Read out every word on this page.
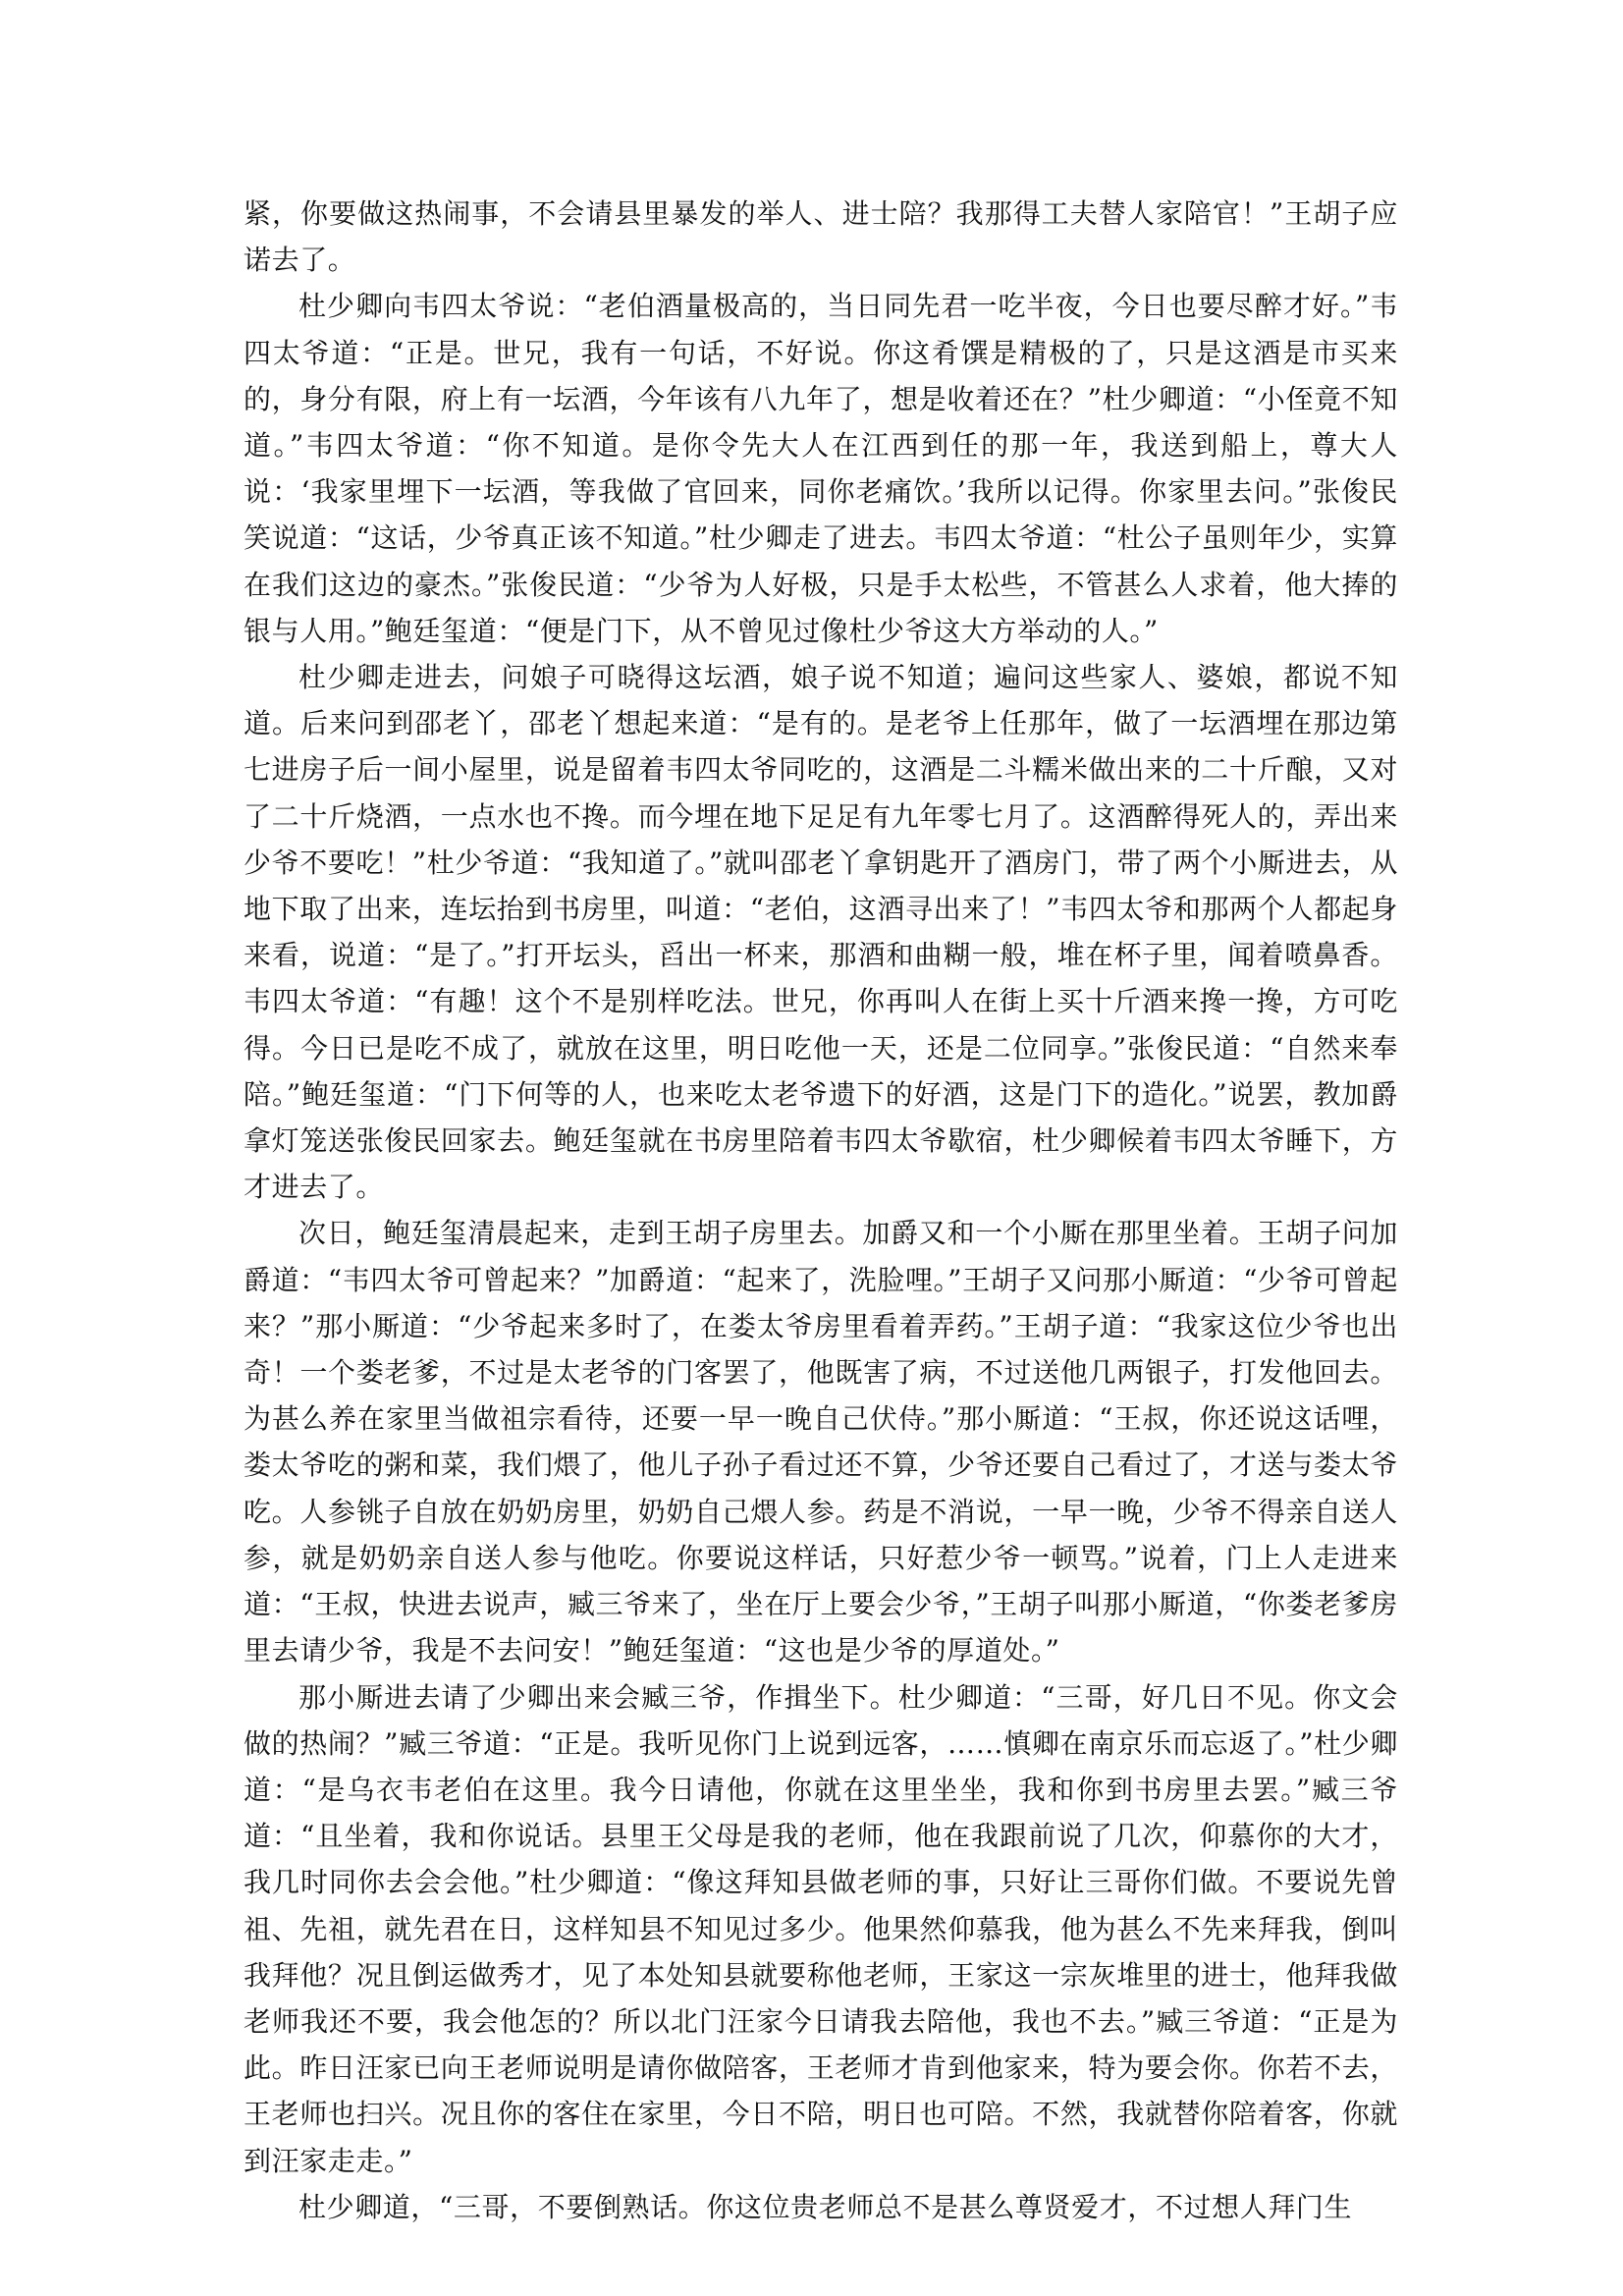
紧，你要做这热闹事，不会请县里暴发的举人、进士陪？我那得工夫替人家陪官！”王胡子应诺去了。

杜少卿向韦四太爷说：“老伯酒量极高的，当日同先君一吃半夜，今日也要尽醉才好。”韦四太爷道：“正是。世兄，我有一句话，不好说。你这肴馔是精极的了，只是这酒是市买来的，身分有限，府上有一坛酒，今年该有八九年了，想是收着还在？”杜少卿道：“小侄竟不知道。”韦四太爷道：“你不知道。是你令先大人在江西到任的那一年，我送到船上，尊大人说：‘我家里埋下一坛酒，等我做了官回来，同你老痛饮。’我所以记得。你家里去问。”张俊民笑说道：“这话，少爷真正该不知道。”杜少卿走了进去。韦四太爷道：“杜公子虽则年少，实算在我们这边的豪杰。”张俊民道：“少爷为人好极，只是手太松些，不管甚么人求着，他大捧的银与人用。”鲍廷玺道：“便是门下，从不曾见过像杜少爷这大方举动的人。”

杜少卿走进去，问娘子可晓得这坛酒，娘子说不知道；遍问这些家人、婆娘，都说不知道。后来问到邵老丫，邵老丫想起来道：“是有的。是老爷上任那年，做了一坛酒埋在那边第七进房子后一间小屋里，说是留着韦四太爷同吃的，这酒是二斗糯米做出来的二十斤酿，又对了二十斤烧酒，一点水也不搀。而今埋在地下足足有九年零七月了。这酒醉得死人的，弄出来少爷不要吃！”杜少爷道：“我知道了。”就叫邵老丫拿钥匙开了酒房门，带了两个小厮进去，从地下取了出来，连坛抬到书房里，叫道：“老伯，这酒寻出来了！”韦四太爷和那两个人都起身来看，说道：“是了。”打开坛头，舀出一杯来，那酒和曲糊一般，堆在杯子里，闻着喷鼻香。韦四太爷道：“有趣！这个不是别样吃法。世兄，你再叫人在街上买十斤酒来搀一搀，方可吃得。今日已是吃不成了，就放在这里，明日吃他一天，还是二位同享。”张俊民道：“自然来奉陪。”鲍廷玺道：“门下何等的人，也来吃太老爷遗下的好酒，这是门下的造化。”说罢，教加爵拿灯笼送张俊民回家去。鲍廷玺就在书房里陪着韦四太爷歇宿，杜少卿候着韦四太爷睡下，方才进去了。

次日，鲍廷玺清晨起来，走到王胡子房里去。加爵又和一个小厮在那里坐着。王胡子问加爵道：“韦四太爷可曾起来？”加爵道：“起来了，洗脸哩。”王胡子又问那小厮道：“少爷可曾起来？”那小厮道：“少爷起来多时了，在娄太爷房里看着弄药。”王胡子道：“我家这位少爷也出奇！一个娄老爹，不过是太老爷的门客罢了，他既害了病，不过送他几两银子，打发他回去。为甚么养在家里当做祖宗看待，还要一早一晚自己伏侍。”那小厮道：“王叔，你还说这话哩，娄太爷吃的粥和菜，我们煨了，他儿子孙子看过还不算，少爷还要自己看过了，才送与娄太爷吃。人参铫子自放在奶奶房里，奶奶自己煨人参。药是不消说，一早一晚，少爷不得亲自送人参，就是奶奶亲自送人参与他吃。你要说这样话，只好惹少爷一顿骂。”说着，门上人走进来道：“王叔，快进去说声，臧三爷来了，坐在厅上要会少爷，”王胡子叫那小厮道，“你娄老爹房里去请少爷，我是不去问安！”鲍廷玺道：“这也是少爷的厚道处。”

那小厮进去请了少卿出来会臧三爷，作揖坐下。杜少卿道：“三哥，好几日不见。你文会做的热闹？”臧三爷道：“正是。我听见你门上说到远客，……慎卿在南京乐而忘返了。”杜少卿道：“是乌衣韦老伯在这里。我今日请他，你就在这里坐坐，我和你到书房里去罢。”臧三爷道：“且坐着，我和你说话。县里王父母是我的老师，他在我跟前说了几次，仰慕你的大才，我几时同你去会会他。”杜少卿道：“像这拜知县做老师的事，只好让三哥你们做。不要说先曾祖、先祖，就先君在日，这样知县不知见过多少。他果然仰慕我，他为甚么不先来拜我，倒叫我拜他？况且倒运做秀才，见了本处知县就要称他老师，王家这一宗灰堆里的进士，他拜我做老师我还不要，我会他怎的？所以北门汪家今日请我去陪他，我也不去。”臧三爷道：“正是为此。昨日汪家已向王老师说明是请你做陪客，王老师才肯到他家来，特为要会你。你若不去，王老师也扫兴。况且你的客住在家里，今日不陪，明日也可陪。不然，我就替你陪着客，你就到汪家走走。”

杜少卿道，“三哥，不要倒熟话。你这位贵老师总不是甚么尊贤爱才，不过想人拜门生
